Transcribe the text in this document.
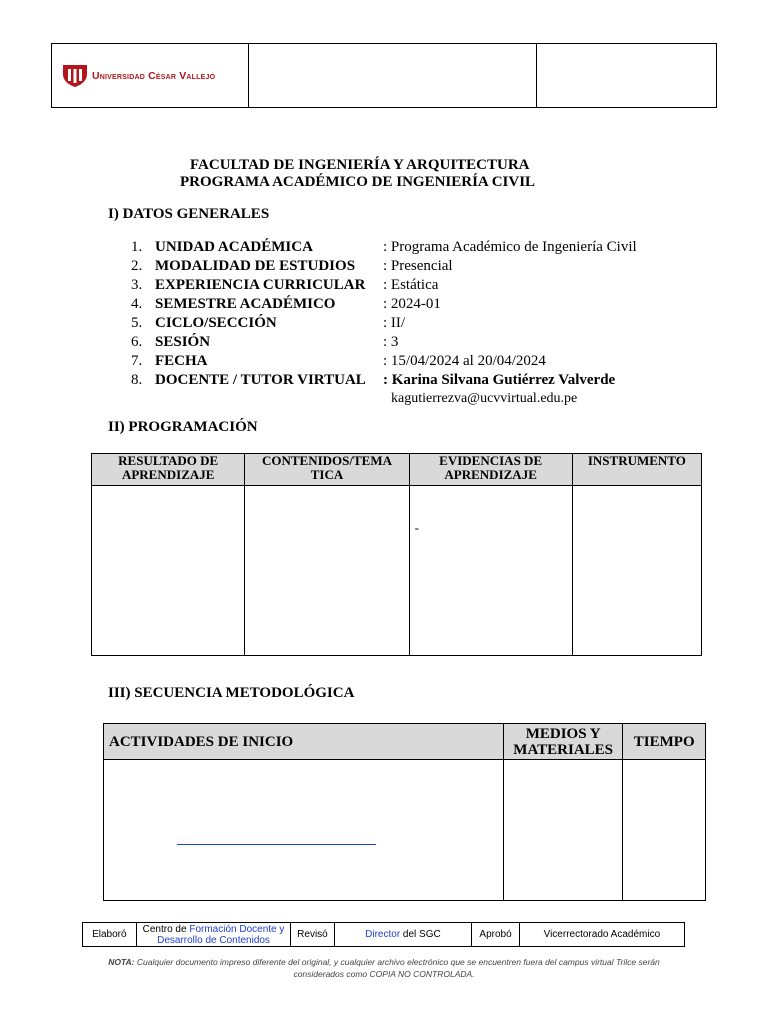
Universidad César Vallejo
FACULTAD DE INGENIERÍA Y ARQUITECTURA
PROGRAMA ACADÉMICO DE INGENIERÍA CIVIL
I) DATOS GENERALES
1. UNIDAD ACADÉMICA	: Programa Académico de Ingeniería Civil
2. MODALIDAD DE ESTUDIOS : Presencial
3. EXPERIENCIA CURRICULAR : Estática
4. SEMESTRE ACADÉMICO	: 2024-01
5. CICLO/SECCIÓN	: II/
6. SESIÓN	: 3
7. FECHA	: 15/04/2024 al 20/04/2024
8. DOCENTE / TUTOR VIRTUAL : Karina Silvana Gutiérrez Valverde
kagutierrezva@ucvvirtual.edu.pe
II) PROGRAMACIÓN
RESULTADO DE APRENDIZAJE	CONTENIDOS/TEMA TICA	EVIDENCIAS DE APRENDIZAJE	INSTRUMENTO
		-	
III) SECUENCIA METODOLÓGICA
ACTIVIDADES DE INICIO	MEDIOS Y MATERIALES	TIEMPO

Elaboró	Centro de Formación Docente y
Desarrollo de Contenidos	Revisó	Director del SGC	Aprobó	Vicerrectorado Académico
NOTA: Cualquier documento impreso diferente del original, y cualquier archivo electrónico que se encuentren fuera del campus virtual Trilce serán considerados como COPIA NO CONTROLADA.
